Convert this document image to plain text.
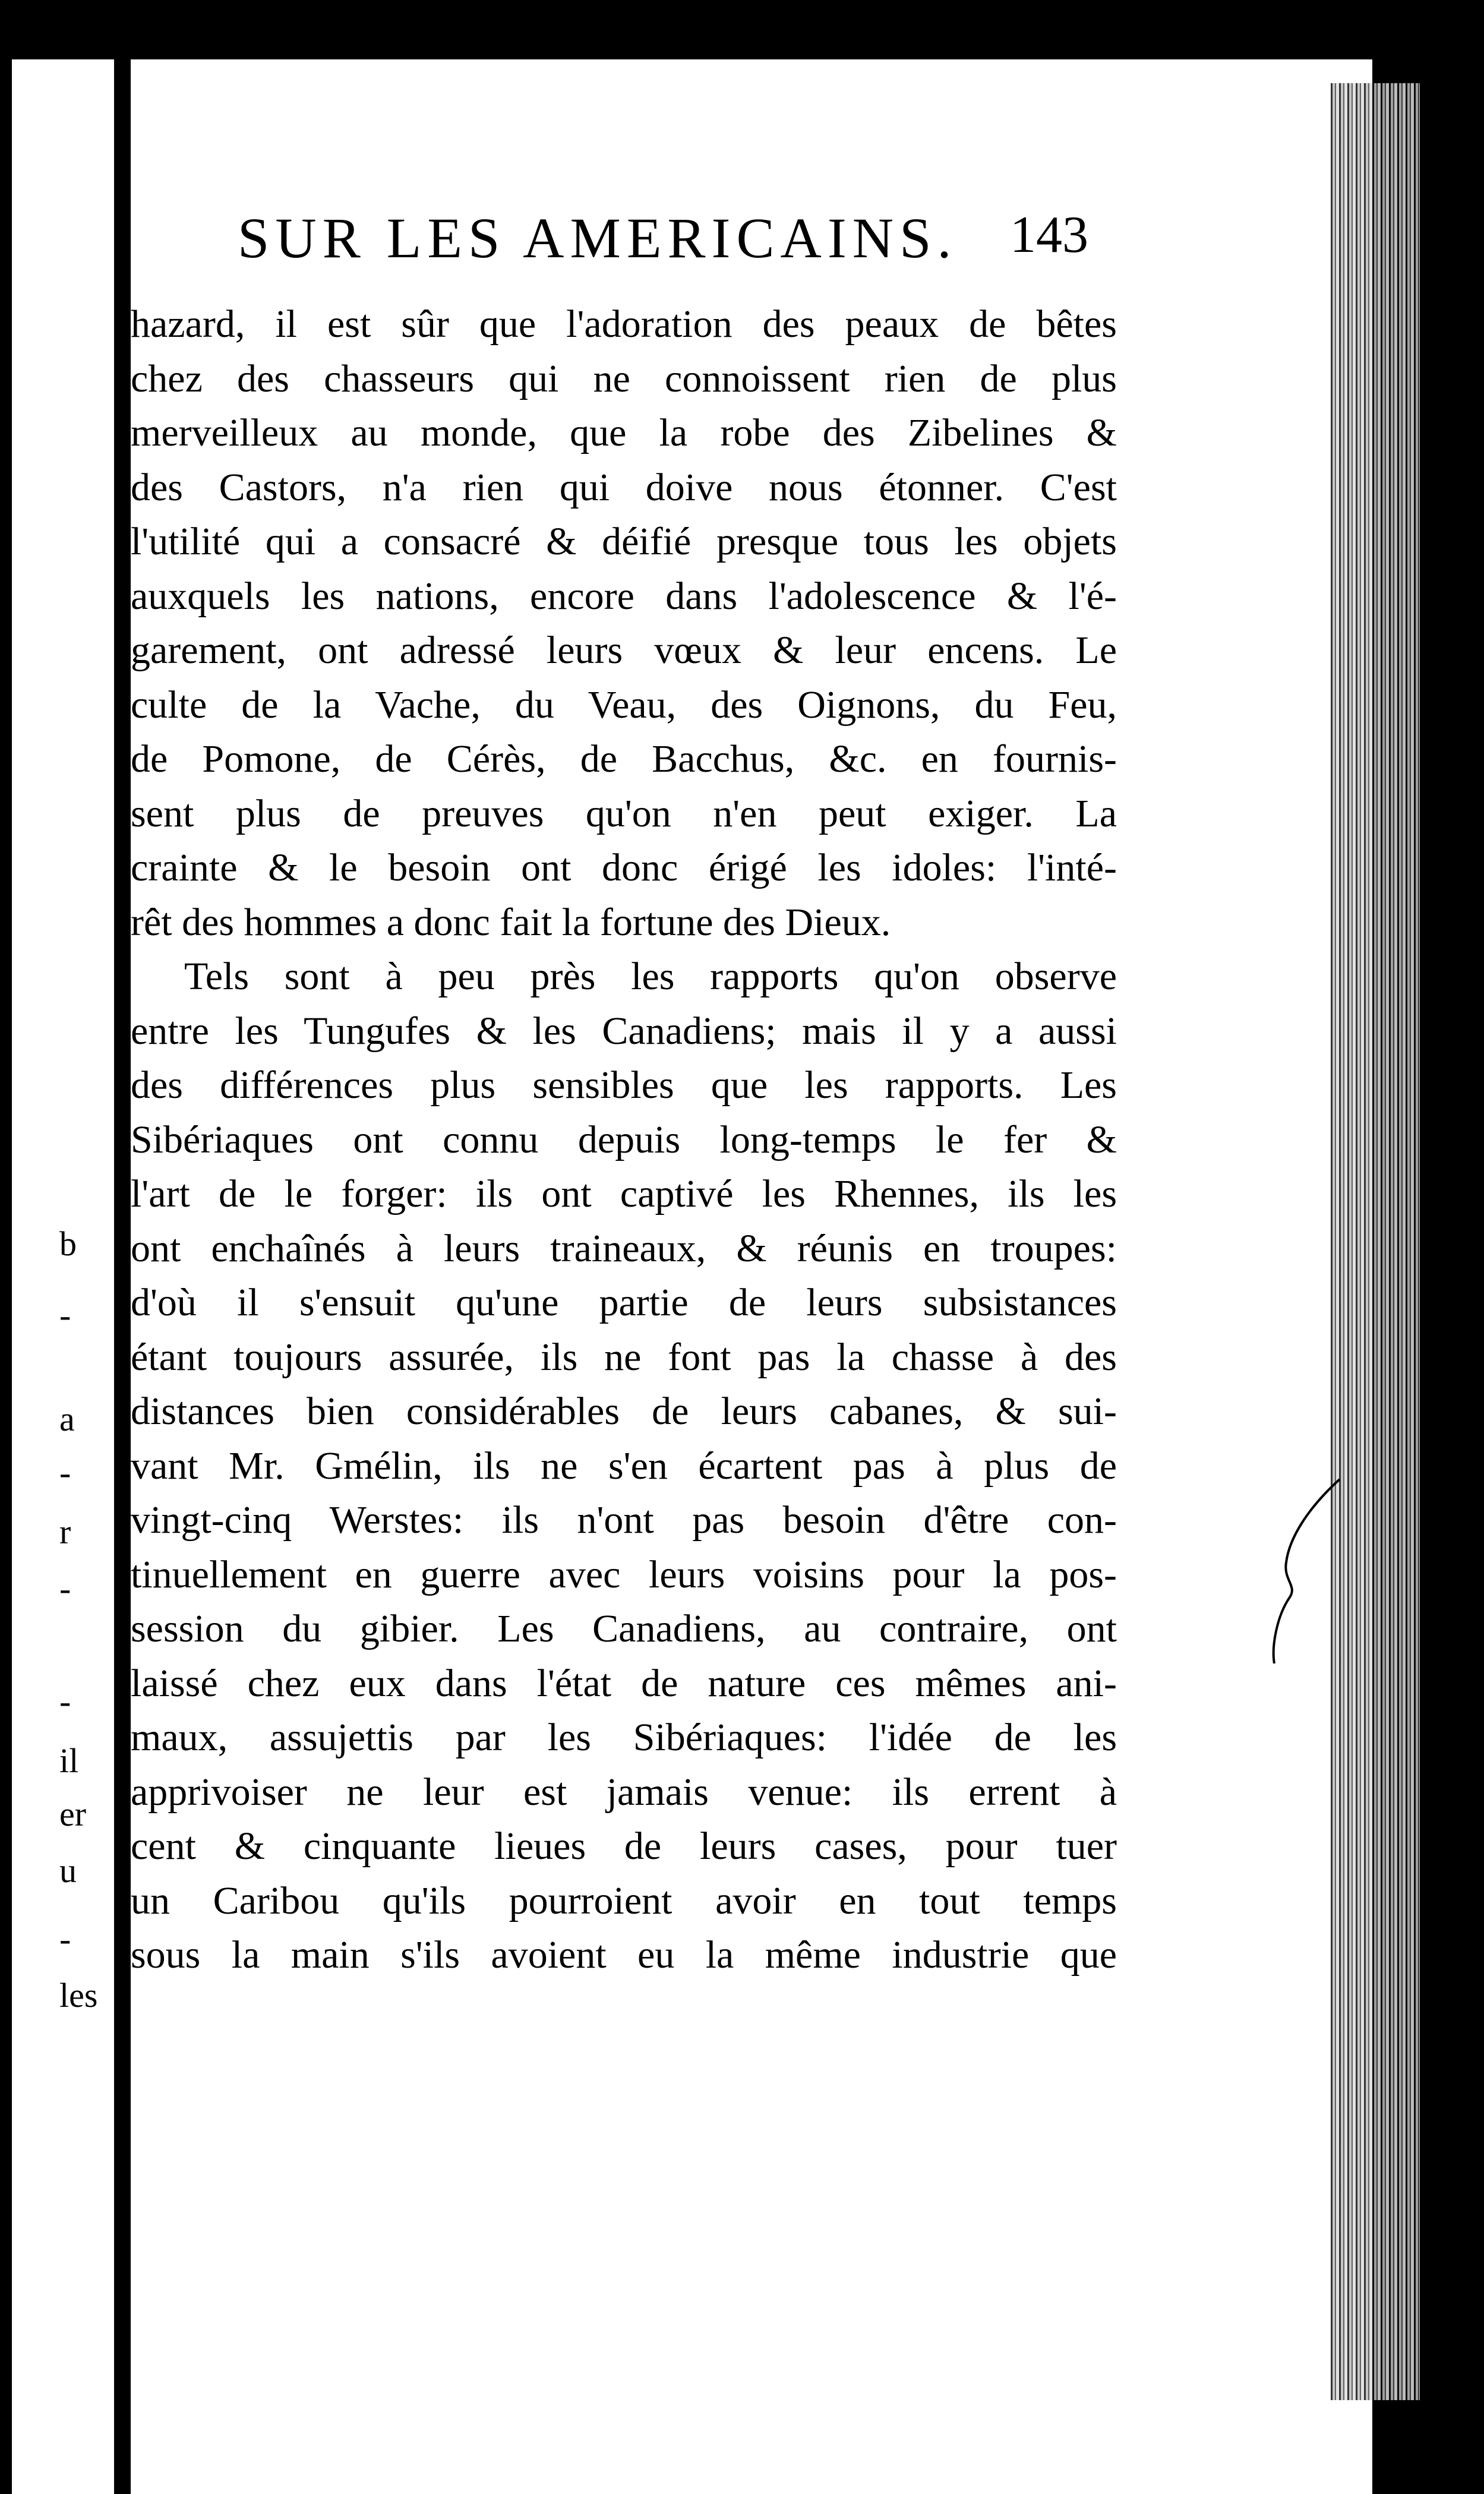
SUR LES AMERICAINS.	143
hazard, il est sûr que l'adoration des peaux de bêtes
chez des chasseurs qui ne connoissent rien de plus
merveilleux au monde, que la robe des Zibelines &
des Castors, n'a rien qui doive nous étonner. C'est
l'utilité qui a consacré & déifié presque tous les objets
auxquels les nations, encore dans l'adolescence & l'é-
garement, ont adressé leurs vœux & leur encens. Le
culte de la Vache, du Veau, des Oignons, du Feu,
de Pomone, de Cérès, de Bacchus, &c. en fournis-
sent plus de preuves qu'on n'en peut exiger. La
crainte & le besoin ont donc érigé les idoles: l'inté-
rêt des hommes a donc fait la fortune des Dieux.
Tels sont à peu près les rapports qu'on observe
entre les Tungufes & les Canadiens; mais il y a aussi
des différences plus sensibles que les rapports. Les
Sibériaques ont connu depuis long-temps le fer &
l'art de le forger: ils ont captivé les Rhennes, ils les
ont enchaînés à leurs traineaux, & réunis en troupes:
d'où il s'ensuit qu'une partie de leurs subsistances
étant toujours assurée, ils ne font pas la chasse à des
distances bien considérables de leurs cabanes, & sui-
vant Mr. Gmélin, ils ne s'en écartent pas à plus de
vingt-cinq Werstes: ils n'ont pas besoin d'être con-
tinuellement en guerre avec leurs voisins pour la pos-
session du gibier. Les Canadiens, au contraire, ont
laissé chez eux dans l'état de nature ces mêmes ani-
maux, assujettis par les Sibériaques: l'idée de les
apprivoiser ne leur est jamais venue: ils errent à
cent & cinquante lieues de leurs cases, pour tuer
un Caribou qu'ils pourroient avoir en tout temps
sous la main s'ils avoient eu la même industrie que
b
-
a
-
r
-
-
il
er
u
-
les
